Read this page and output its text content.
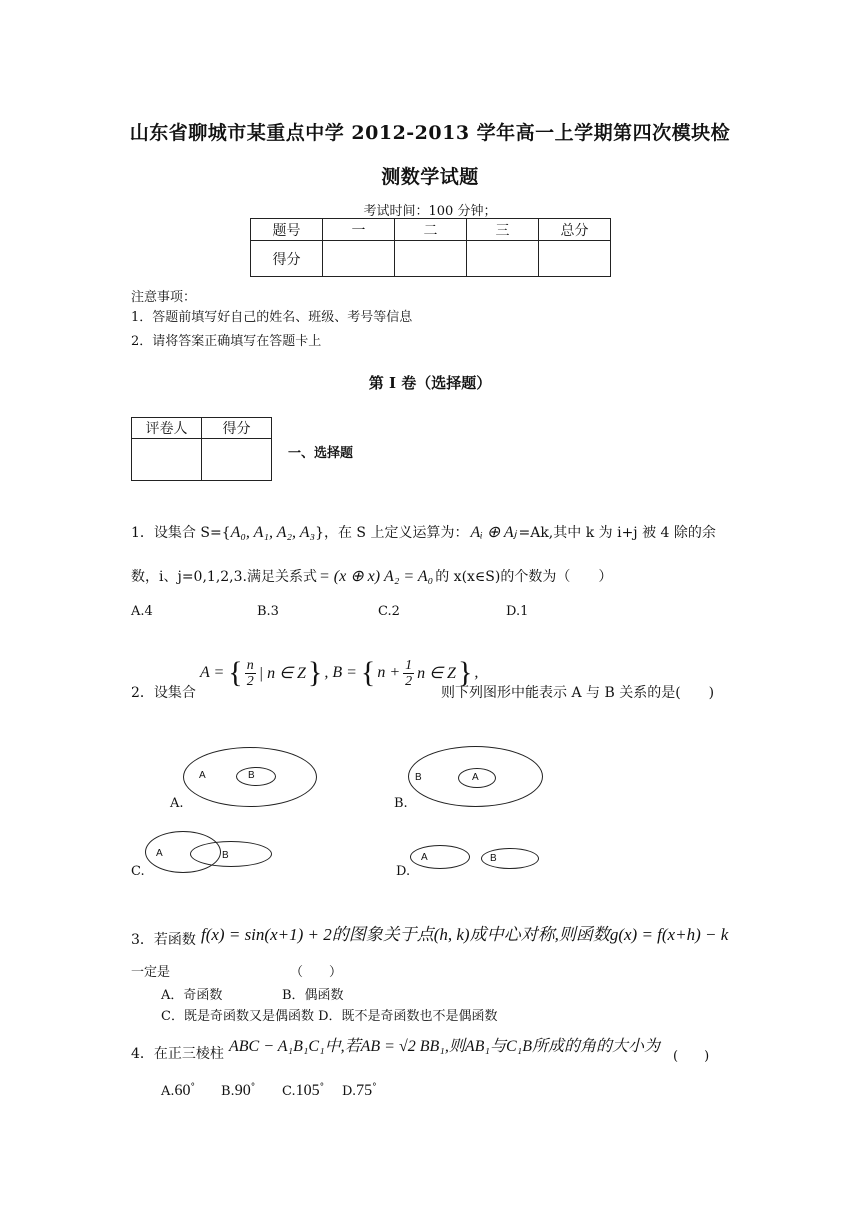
山东省聊城市某重点中学 2012-2013 学年高一上学期第四次模块检
测数学试题
考试时间：100 分钟；
题号	一	二	三	总分
得分				
注意事项：
1．答题前填写好自己的姓名、班级、考号等信息
2．请将答案正确填写在答题卡上
第 I 卷（选择题）
评卷人	得分

一、选择题
1．设集合 S={A₀, A₁, A₂, A₃}，在 S 上定义运算为： Aᵢ ⊕ Aⱼ =Ak,其中 k 为 i+j 被 4 除的余
数，i、j=0,1,2,3.满足关系式 = (x ⊕ x) A₂ = A₀ 的 x(x∈S)的个数为（　　）
A.4	B.3	C.2	D.1
2．设集合
A = { $\frac{n}{2}$ | n ∈ Z } , B = { $n + \frac{1}{2}$ n ∈ Z } ,
则下列图形中能表示 A 与 B 关系的是(　　)
A	B
A.
B	A
B.
A	B
C.
A	B
D.
3．若函数 f(x) = sin(x+1) + 2的图象关于点(h, k)成中心对称,则函数g(x) = f(x+h) − k
一定是	（　　）
A．奇函数	B．偶函数
C．既是奇函数又是偶函数 D．既不是奇函数也不是偶函数
4．在正三棱柱 ABC − A₁B₁C₁中,若AB = √2 BB₁,则AB₁与C₁B所成的角的大小为
(　　)
A.60° B.90° C.105° D.75°
